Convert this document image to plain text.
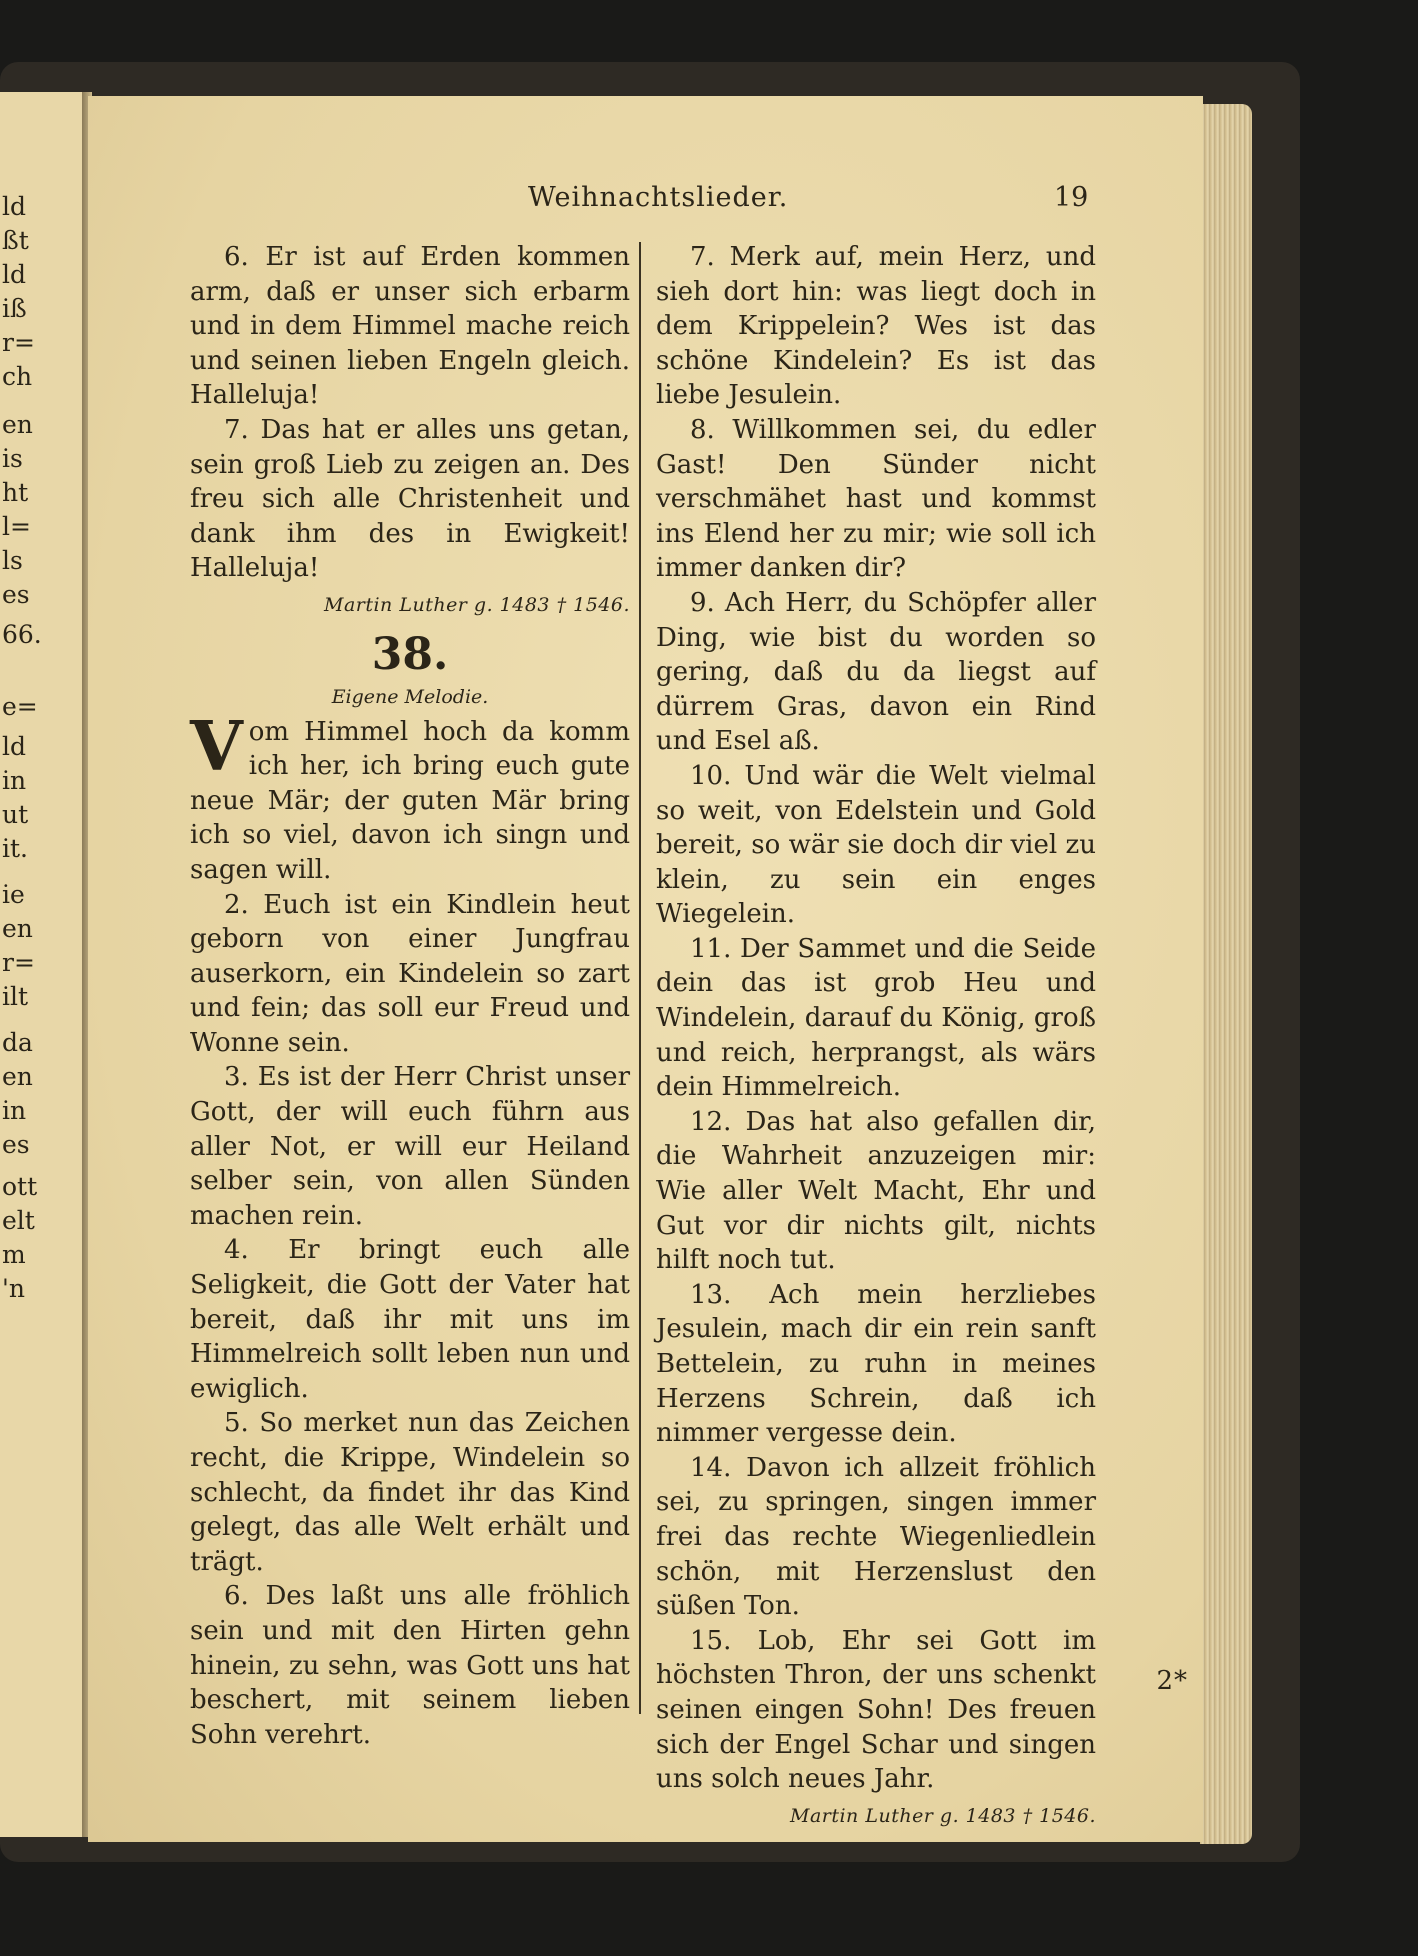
ld
ßt
ld
iß
r=
ch
en
is
ht
l=
ls
es
66.
e=
ld
in
ut
it.
ie
en
r=
ilt
da
en
in
es
ott
elt
m
'n
Weihnachtslieder.	19

6. Er ist auf Erden kommen arm, daß er unser sich erbarm und in dem Himmel mache reich und seinen lieben Engeln gleich. Halleluja!

7. Das hat er alles uns getan, sein groß Lieb zu zeigen an. Des freu sich alle Christenheit und dank ihm des in Ewigkeit! Halleluja!

Martin Luther g. 1483 † 1546.
38.
Eigene Melodie.

Vom Himmel hoch da komm ich her, ich bring euch gute neue Mär; der guten Mär bring ich so viel, davon ich singn und sagen will.

2. Euch ist ein Kindlein heut geborn von einer Jungfrau auserkorn, ein Kindelein so zart und fein; das soll eur Freud und Wonne sein.

3. Es ist der Herr Christ unser Gott, der will euch führn aus aller Not, er will eur Heiland selber sein, von allen Sünden machen rein.

4. Er bringt euch alle Seligkeit, die Gott der Vater hat bereit, daß ihr mit uns im Himmelreich sollt leben nun und ewiglich.

5. So merket nun das Zeichen recht, die Krippe, Windelein so schlecht, da findet ihr das Kind gelegt, das alle Welt erhält und trägt.

6. Des laßt uns alle fröhlich sein und mit den Hirten gehn hinein, zu sehn, was Gott uns hat beschert, mit seinem lieben Sohn verehrt.

7. Merk auf, mein Herz, und sieh dort hin: was liegt doch in dem Krippelein? Wes ist das schöne Kindelein? Es ist das liebe Jesulein.

8. Willkommen sei, du edler Gast! Den Sünder nicht verschmähet hast und kommst ins Elend her zu mir; wie soll ich immer danken dir?

9. Ach Herr, du Schöpfer aller Ding, wie bist du worden so gering, daß du da liegst auf dürrem Gras, davon ein Rind und Esel aß.

10. Und wär die Welt vielmal so weit, von Edelstein und Gold bereit, so wär sie doch dir viel zu klein, zu sein ein enges Wiegelein.

11. Der Sammet und die Seide dein das ist grob Heu und Windelein, darauf du König, groß und reich, herprangst, als wärs dein Himmelreich.

12. Das hat also gefallen dir, die Wahrheit anzuzeigen mir: Wie aller Welt Macht, Ehr und Gut vor dir nichts gilt, nichts hilft noch tut.

13. Ach mein herzliebes Jesulein, mach dir ein rein sanft Bettelein, zu ruhn in meines Herzens Schrein, daß ich nimmer vergesse dein.

14. Davon ich allzeit fröhlich sei, zu springen, singen immer frei das rechte Wiegenliedlein schön, mit Herzenslust den süßen Ton.

15. Lob, Ehr sei Gott im höchsten Thron, der uns schenkt seinen eingen Sohn! Des freuen sich der Engel Schar und singen uns solch neues Jahr.

Martin Luther g. 1483 † 1546.
2*
